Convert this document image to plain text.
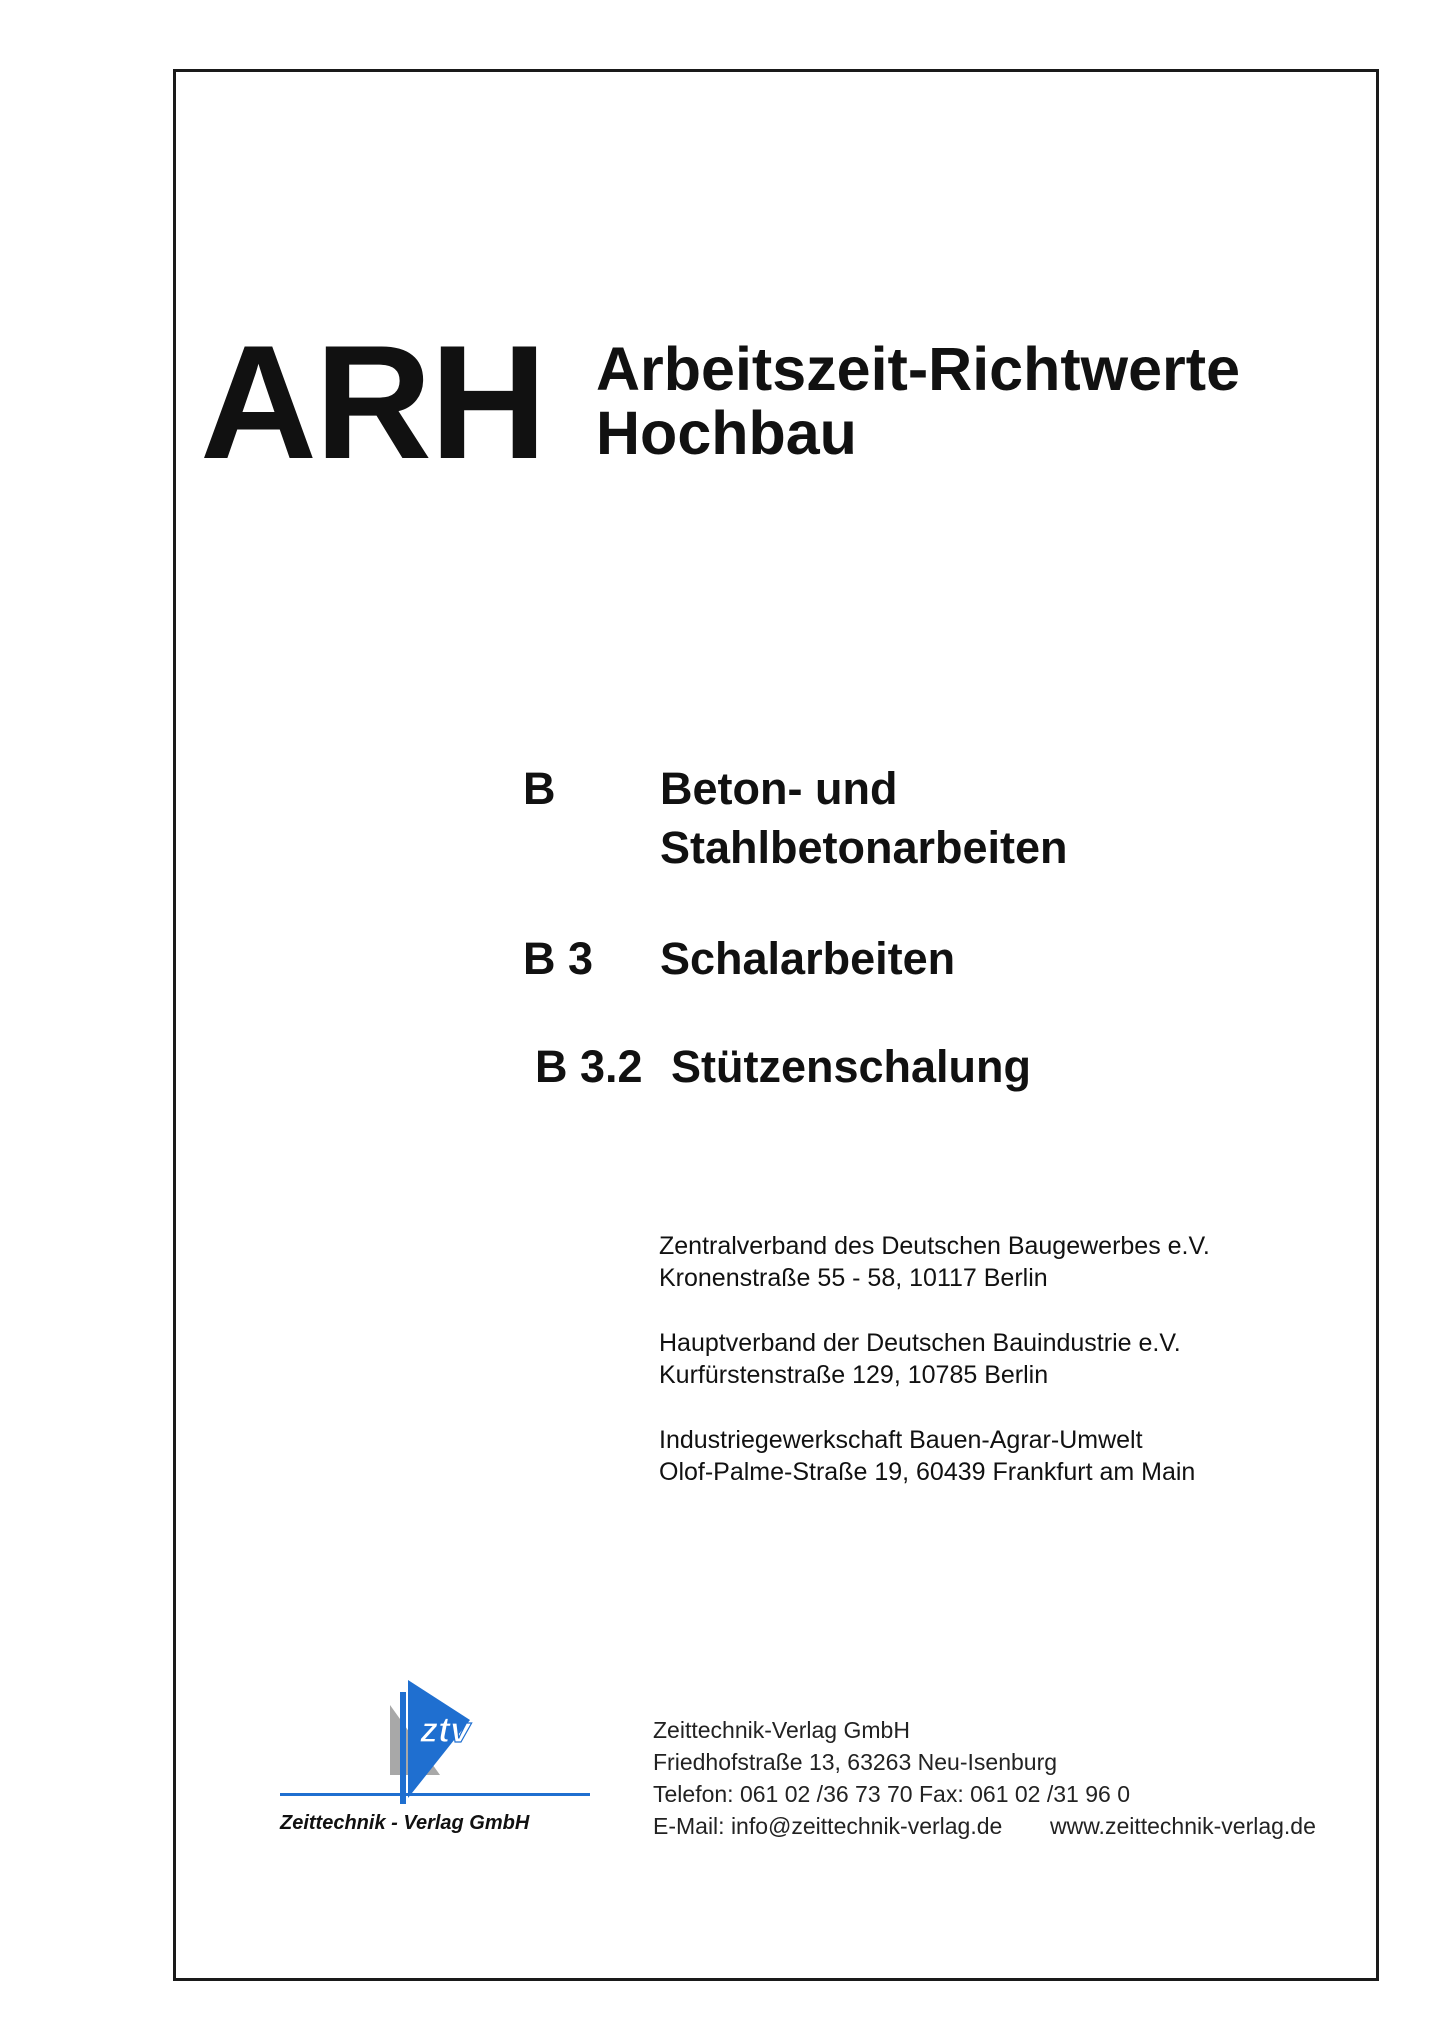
ARH Arbeitszeit-Richtwerte
Hochbau
B Beton- und
Stahlbetonarbeiten
B 3 Schalarbeiten
B 3.2 Stützenschalung
Zentralverband des Deutschen Baugewerbes e.V.
Kronenstraße 55 - 58, 10117 Berlin
Hauptverband der Deutschen Bauindustrie e.V.
Kurfürstenstraße 129, 10785 Berlin
Industriegewerkschaft Bauen-Agrar-Umwelt
Olof-Palme-Straße 19, 60439 Frankfurt am Main
ztv
Zeittechnik - Verlag GmbH
Zeittechnik-Verlag GmbH
Friedhofstraße 13, 63263 Neu-Isenburg
Telefon: 061 02 /36 73 70 Fax: 061 02 /31 96 0
E-Mail: info@zeittechnik-verlag.de www.zeittechnik-verlag.de
